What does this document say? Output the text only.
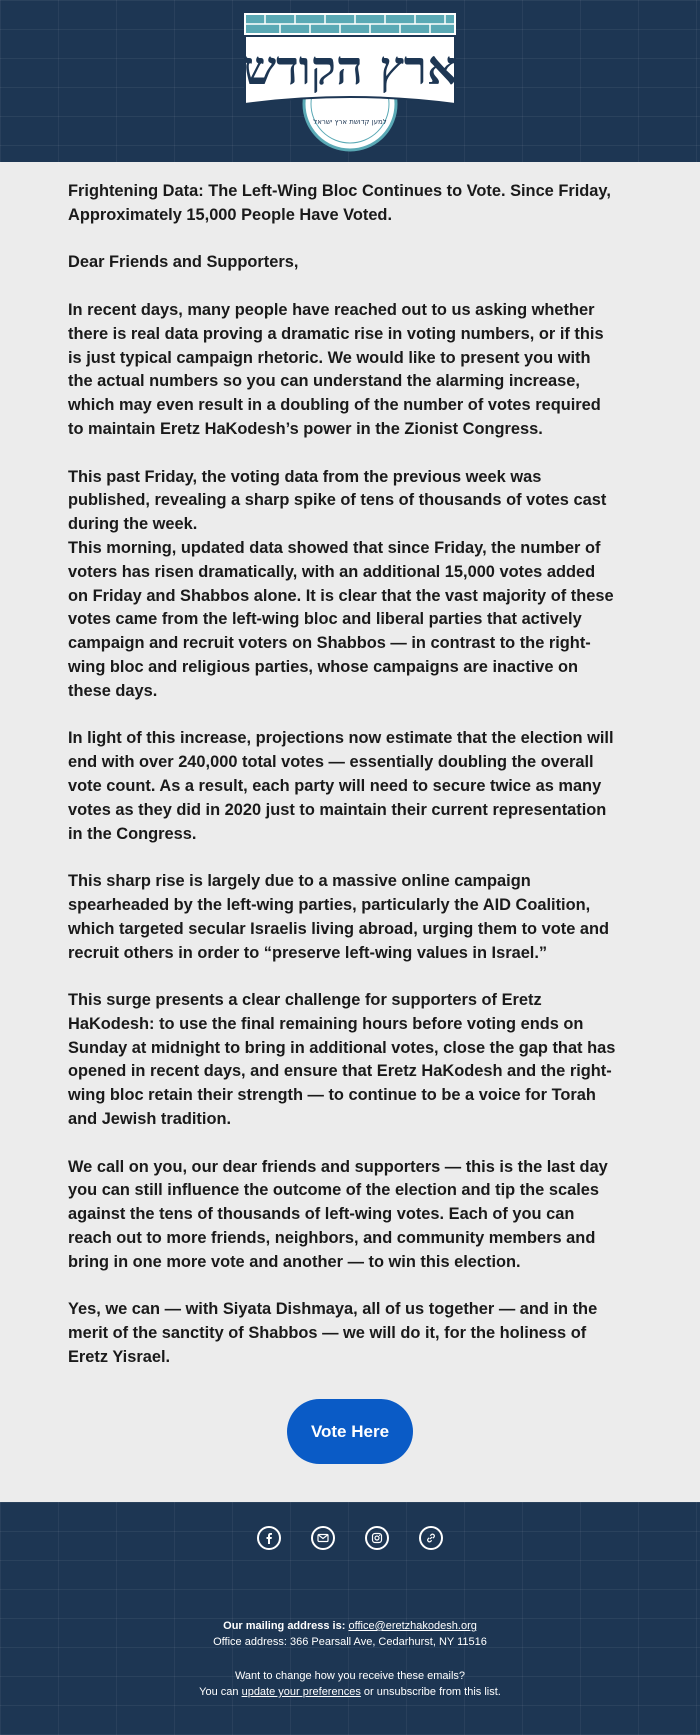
ארץ הקודש
למען קדושת ארץ ישראל

Frightening Data: The Left-Wing Bloc Continues to Vote. Since Friday, Approximately 15,000 People Have Voted.

Dear Friends and Supporters,

In recent days, many people have reached out to us asking whether there is real data proving a dramatic rise in voting numbers, or if this is just typical campaign rhetoric. We would like to present you with the actual numbers so you can understand the alarming increase, which may even result in a doubling of the number of votes required to maintain Eretz HaKodesh’s power in the Zionist Congress.

This past Friday, the voting data from the previous week was published, revealing a sharp spike of tens of thousands of votes cast during the week.

This morning, updated data showed that since Friday, the number of voters has risen dramatically, with an additional 15,000 votes added on Friday and Shabbos alone. It is clear that the vast majority of these votes came from the left-wing bloc and liberal parties that actively campaign and recruit voters on Shabbos — in contrast to the right-wing bloc and religious parties, whose campaigns are inactive on these days.

In light of this increase, projections now estimate that the election will end with over 240,000 total votes — essentially doubling the overall vote count. As a result, each party will need to secure twice as many votes as they did in 2020 just to maintain their current representation in the Congress.

This sharp rise is largely due to a massive online campaign spearheaded by the left-wing parties, particularly the AID Coalition, which targeted secular Israelis living abroad, urging them to vote and recruit others in order to “preserve left-wing values in Israel.”

This surge presents a clear challenge for supporters of Eretz HaKodesh: to use the final remaining hours before voting ends on Sunday at midnight to bring in additional votes, close the gap that has opened in recent days, and ensure that Eretz HaKodesh and the right-wing bloc retain their strength — to continue to be a voice for Torah and Jewish tradition.

We call on you, our dear friends and supporters — this is the last day you can still influence the outcome of the election and tip the scales against the tens of thousands of left-wing votes. Each of you can reach out to more friends, neighbors, and community members and bring in one more vote and another — to win this election.

Yes, we can — with Siyata Dishmaya, all of us together — and in the merit of the sanctity of Shabbos — we will do it, for the holiness of Eretz Yisrael.

Vote Here
Our mailing address is: office@eretzhakodesh.org
Office address: 366 Pearsall Ave, Cedarhurst, NY 11516
Want to change how you receive these emails?
You can update your preferences or unsubscribe from this list.
